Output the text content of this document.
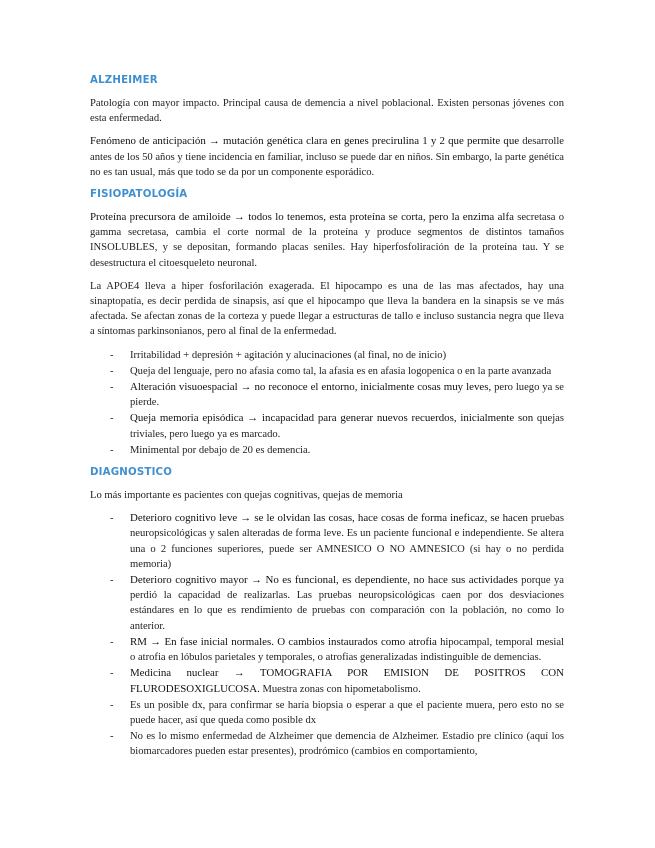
ALZHEIMER

Patología con mayor impacto. Principal causa de demencia a nivel poblacional. Existen personas jóvenes con esta enfermedad.

Fenómeno de anticipación → mutación genética clara en genes precirulina 1 y 2 que permite que desarrolle antes de los 50 años y tiene incidencia en familiar, incluso se puede dar en niños. Sin embargo, la parte genética no es tan usual, más que todo se da por un componente esporádico.

FISIOPATOLOGÍA

Proteína precursora de amiloide → todos lo tenemos, esta proteína se corta, pero la enzima alfa secretasa o gamma secretasa, cambia el corte normal de la proteína y produce segmentos de distintos tamaños INSOLUBLES, y se depositan, formando placas seniles. Hay hiperfosfoliración de la proteína tau. Y se desestructura el citoesqueleto neuronal.

La APOE4 lleva a hiper fosforilación exagerada. El hipocampo es una de las mas afectados, hay una sinaptopatía, es decir perdida de sinapsis, así que el hipocampo que lleva la bandera en la sinapsis se ve más afectada. Se afectan zonas de la corteza y puede llegar a estructuras de tallo e incluso sustancia negra que lleva a síntomas parkinsonianos, pero al final de la enfermedad.

- Irritabilidad + depresión + agitación y alucinaciones (al final, no de inicio)
- Queja del lenguaje, pero no afasia como tal, la afasia es en afasia logopenica o en la parte avanzada
- Alteración visuoespacial → no reconoce el entorno, inicialmente cosas muy leves, pero luego ya se pierde.
- Queja memoria episódica → incapacidad para generar nuevos recuerdos, inicialmente son quejas triviales, pero luego ya es marcado.
- Minimental por debajo de 20 es demencia.
DIAGNOSTICO

Lo más importante es pacientes con quejas cognitivas, quejas de memoria

- Deterioro cognitivo leve → se le olvidan las cosas, hace cosas de forma ineficaz, se hacen pruebas neuropsicológicas y salen alteradas de forma leve. Es un paciente funcional e independiente. Se altera una o 2 funciones superiores, puede ser AMNESICO O NO AMNESICO (si hay o no perdida memoria)
- Deterioro cognitivo mayor → No es funcional, es dependiente, no hace sus actividades porque ya perdió la capacidad de realizarlas. Las pruebas neuropsicológicas caen por dos desviaciones estándares en lo que es rendimiento de pruebas con comparación con la población, no como lo anterior.
- RM → En fase inicial normales. O cambios instaurados como atrofia hipocampal, temporal mesial o atrofia en lóbulos parietales y temporales, o atrofias generalizadas indistinguible de demencias.
- Medicina nuclear → TOMOGRAFIA POR EMISION DE POSITROS CON FLURODESOXIGLUCOSA. Muestra zonas con hipometabolismo.
- Es un posible dx, para confirmar se haría biopsia o esperar a que el paciente muera, pero esto no se puede hacer, así que queda como posible dx
- No es lo mismo enfermedad de Alzheimer que demencia de Alzheimer. Estadio pre clínico (aquí los biomarcadores pueden estar presentes), prodrómico (cambios en comportamiento,
